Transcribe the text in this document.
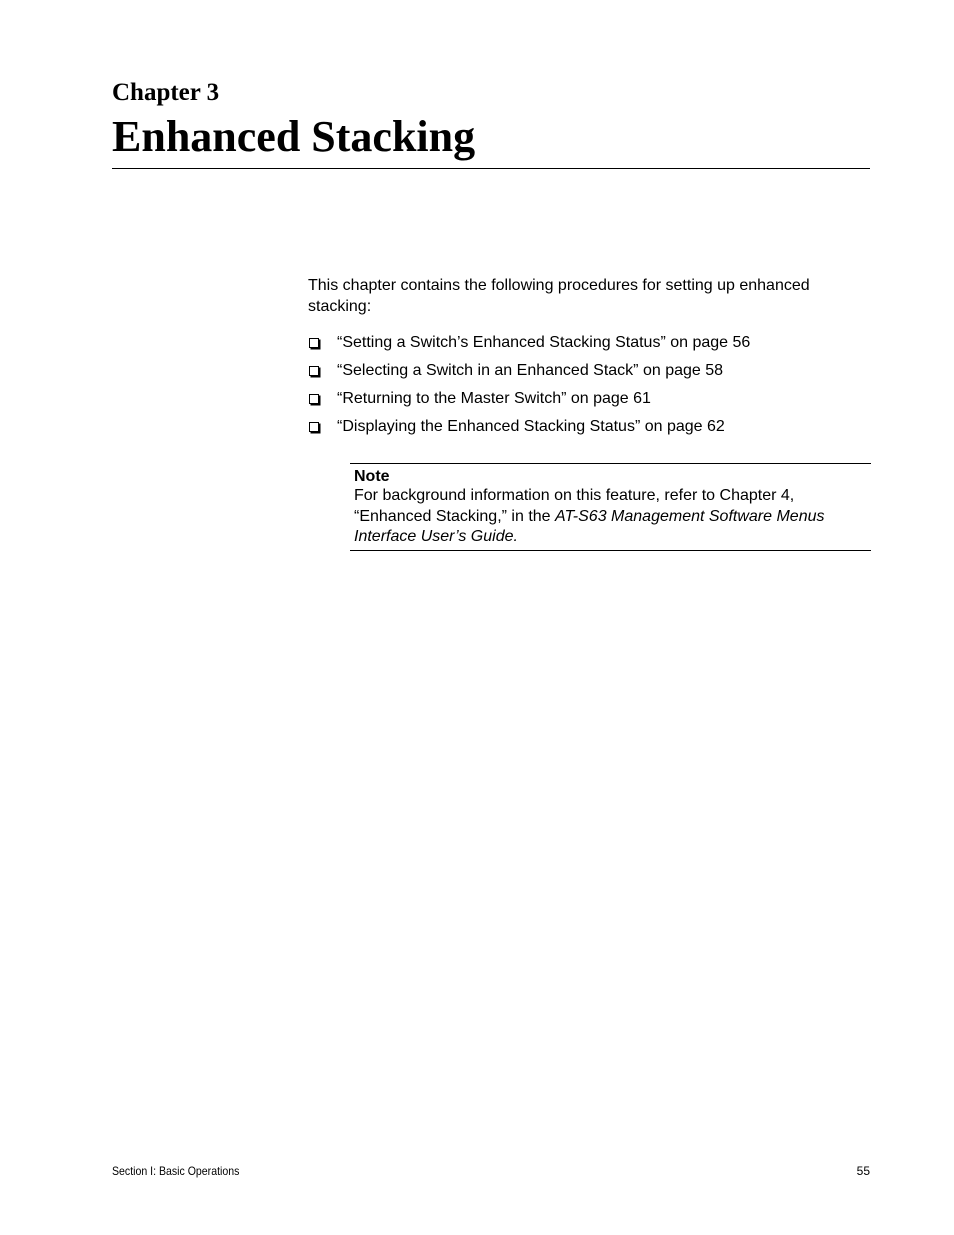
Chapter 3
Enhanced Stacking

This chapter contains the following procedures for setting up enhanced stacking:

“Setting a Switch’s Enhanced Stacking Status” on page 56
“Selecting a Switch in an Enhanced Stack” on page 58
“Returning to the Master Switch” on page 61
“Displaying the Enhanced Stacking Status” on page 62
Note

For background information on this feature, refer to Chapter 4, “Enhanced Stacking,” in the AT-S63 Management Software Menus Interface User’s Guide.

Section I: Basic Operations	55
